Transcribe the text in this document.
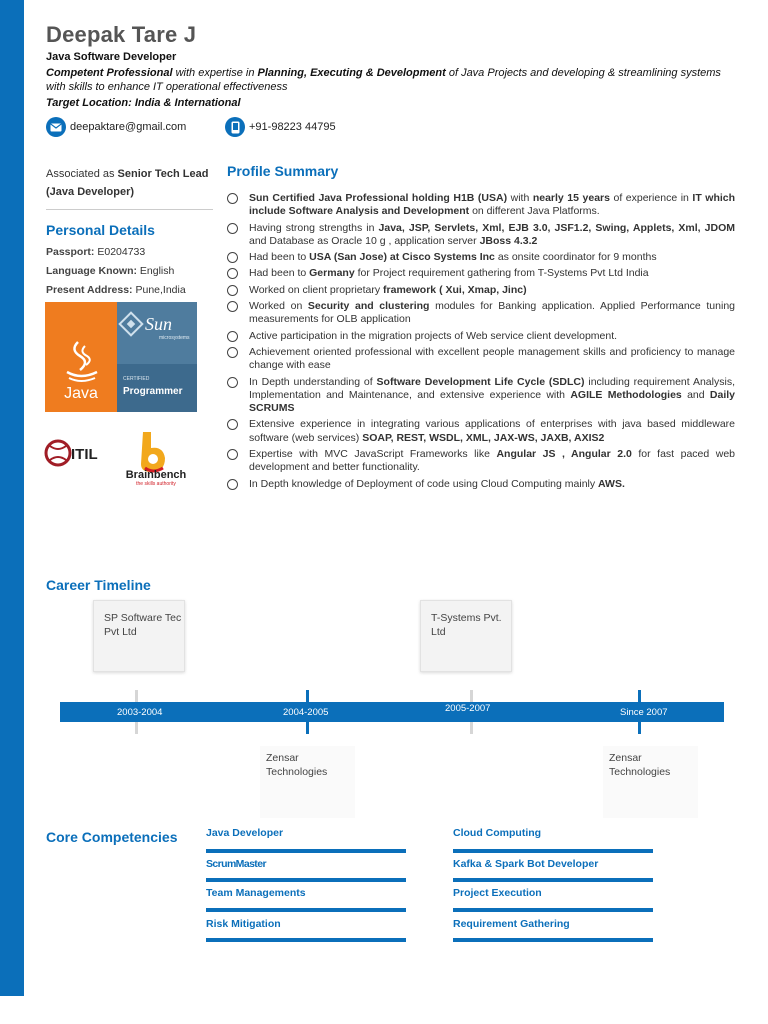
Deepak Tare J
Java Software Developer
Competent Professional with expertise in Planning, Executing & Development of Java Projects and developing & streamlining systems with skills to enhance IT operational effectiveness
Target Location: India & International
deepaktare@gmail.com	+91-98223 44795
Associated as Senior Tech Lead (Java Developer)
Personal Details
Passport: E0204733
Language Known: English
Present Address: Pune,India
Java
Sun
microsystems
CERTIFIED
Programmer
ITIL
Brainbench
the skills authority
Profile Summary
Sun Certified Java Professional holding H1B (USA) with nearly 15 years of experience in IT which include Software Analysis and Development on different Java Platforms.
Having strong strengths in Java, JSP, Servlets, Xml, EJB 3.0, JSF1.2, Swing, Applets, Xml, JDOM and Database as Oracle 10 g , application server JBoss 4.3.2
Had been to USA (San Jose) at Cisco Systems Inc as onsite coordinator for 9 months
Had been to Germany for Project requirement gathering from T-Systems Pvt Ltd India
Worked on client proprietary framework ( Xui, Xmap, Jinc)
Worked on Security and clustering modules for Banking application. Applied Performance tuning measurements for OLB application
Active participation in the migration projects of Web service client development.
Achievement oriented professional with excellent people management skills and proficiency to manage change with ease
In Depth understanding of Software Development Life Cycle (SDLC) including requirement Analysis, Implementation and Maintenance, and extensive experience with AGILE Methodologies and Daily SCRUMS
Extensive experience in integrating various applications of enterprises with java based middleware software (web services) SOAP, REST, WSDL, XML, JAX-WS, JAXB, AXIS2
Expertise with MVC JavaScript Frameworks like Angular JS , Angular 2.0 for fast paced web development and better functionality.
In Depth knowledge of Deployment of code using Cloud Computing mainly AWS.
Career Timeline
SP Software Tec Pvt Ltd
T-Systems Pvt. Ltd
Zensar Technologies
Zensar Technologies
2003-2004	2004-2005	2005-2007	Since 2007
Core Competencies	Java Developer
ScrumMaster
Team Managements
Risk Mitigation
Cloud Computing
Kafka & Spark Bot Developer
Project Execution
Requirement Gathering
